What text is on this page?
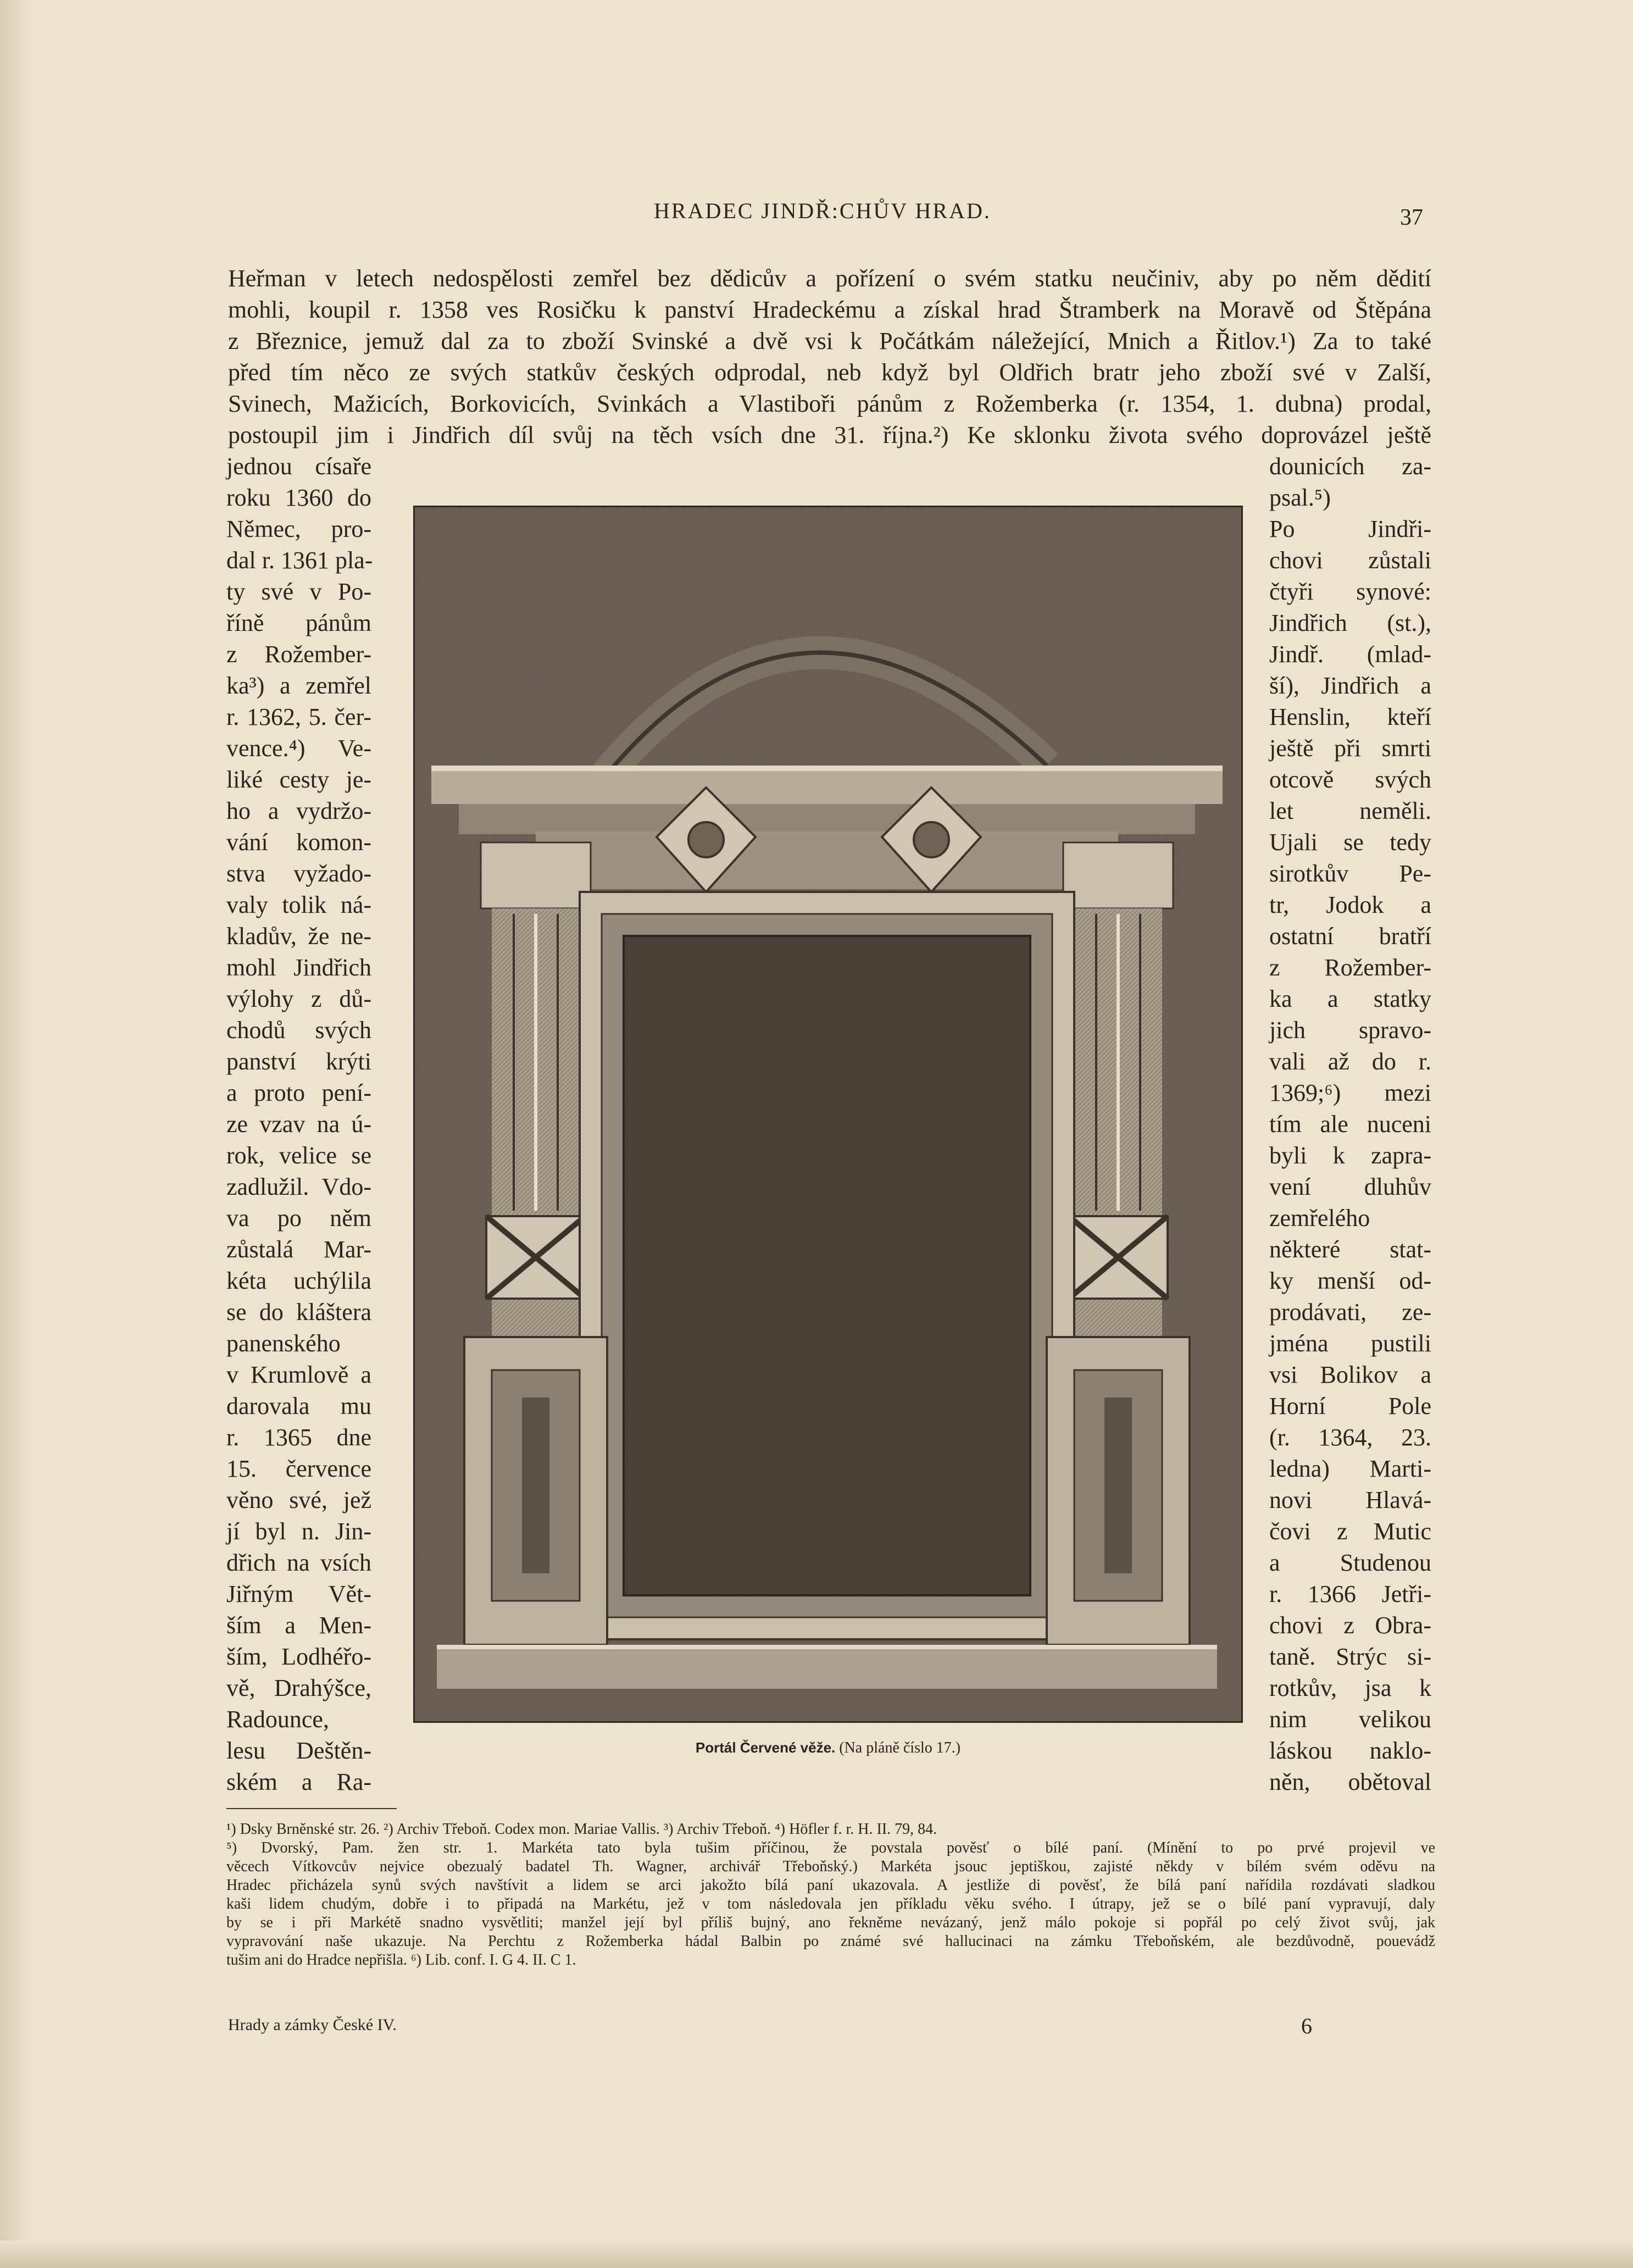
HRADEC JINDŘ:CHŮV HRAD.	37
Heřman v letech nedospělosti zemřel bez dědicův a pořízení o svém statku neučiniv, aby po něm dědití
mohli, koupil r. 1358 ves Rosičku k panství Hradeckému a získal hrad Štramberk na Moravě od Štěpána
z Březnice, jemuž dal za to zboží Svinské a dvě vsi k Počátkám náležející, Mnich a Řitlov.¹) Za to také
před tím něco ze svých statkův českých odprodal, neb když byl Oldřich bratr jeho zboží své v Zalší,
Svinech, Mažicích, Borkovicích, Svinkách a Vlastiboři pánům z Rožemberka (r. 1354, 1. dubna) prodal,
postoupil jim i Jindřich díl svůj na těch vsích dne 31. října.²) Ke sklonku života svého doprovázel ještě
jednou císaře
roku 1360 do
Němec, pro-
dal r. 1361 pla-
ty své v Po-
říně pánům
z Rožember-
ka³) a zemřel
r. 1362, 5. čer-
vence.⁴) Ve-
liké cesty je-
ho a vydržo-
vání komon-
stva vyžado-
valy tolik ná-
kladův, že ne-
mohl Jindřich
výlohy z dů-
chodů svých
panství krýti
a proto pení-
ze vzav na ú-
rok, velice se
zadlužil. Vdo-
va po něm
zůstalá Mar-
kéta uchýlila
se do kláštera
panenského
v Krumlově a
darovala mu
r. 1365 dne
15. července
věno své, jež
jí byl n. Jin-
dřich na vsích
Jiřným Vět-
ším a Men-
ším, Lodhéřo-
vě, Drahýšce,
Radounce,
lesu Deštěn-
ském a Ra-
dounicích za-
psal.⁵)
Po Jindři-
chovi zůstali
čtyři synové:
Jindřich (st.),
Jindř. (mlad-
ší), Jindřich a
Henslin, kteří
ještě při smrti
otcově svých
let neměli.
Ujali se tedy
sirotkův Pe-
tr, Jodok a
ostatní bratří
z Rožember-
ka a statky
jich spravo-
vali až do r.
1369;⁶) mezi
tím ale nuceni
byli k zapra-
vení dluhův
zemřelého
některé stat-
ky menší od-
prodávati, ze-
jména pustili
vsi Bolikov a
Horní Pole
(r. 1364, 23.
ledna) Marti-
novi Hlavá-
čovi z Mutic
a Studenou
r. 1366 Jetři-
chovi z Obra-
taně. Strýc si-
rotkův, jsa k
nim velikou
láskou naklo-
něn, obětoval
Portál Červené věže. (Na pláně číslo 17.)
¹) Dsky Brněnské str. 26. ²) Archiv Třeboň. Codex mon. Mariae Vallis. ³) Archiv Třeboň. ⁴) Höfler f. r. H. II. 79, 84.
⁵) Dvorský, Pam. žen str. 1. Markéta tato byla tušim příčinou, že povstala pověsť o bílé paní. (Mínění to po prvé projevil ve
věcech Vítkovcův nejvice obezualý badatel Th. Wagner, archivář Třeboňský.) Markéta jsouc jeptiškou, zajisté někdy v bílém svém oděvu na
Hradec přicházela synů svých navštívit a lidem se arci jakožto bílá paní ukazovala. A jestliže di pověsť, že bílá paní nařídila rozdávati sladkou
kaši lidem chudým, dobře i to připadá na Markétu, jež v tom následovala jen příkladu věku svého. I útrapy, jež se o bílé paní vypravují, daly
by se i při Markétě snadno vysvětliti; manžel její byl příliš bujný, ano řekněme nevázaný, jenž málo pokoje si popřál po celý život svůj, jak
vypravování naše ukazuje. Na Perchtu z Rožemberka hádal Balbin po známé své hallucinaci na zámku Třeboňském, ale bezdůvodně, pouevádž
tušim ani do Hradce nepřišla. ⁶) Lib. conf. I. G 4. II. C 1.
Hrady a zámky České IV.	6
